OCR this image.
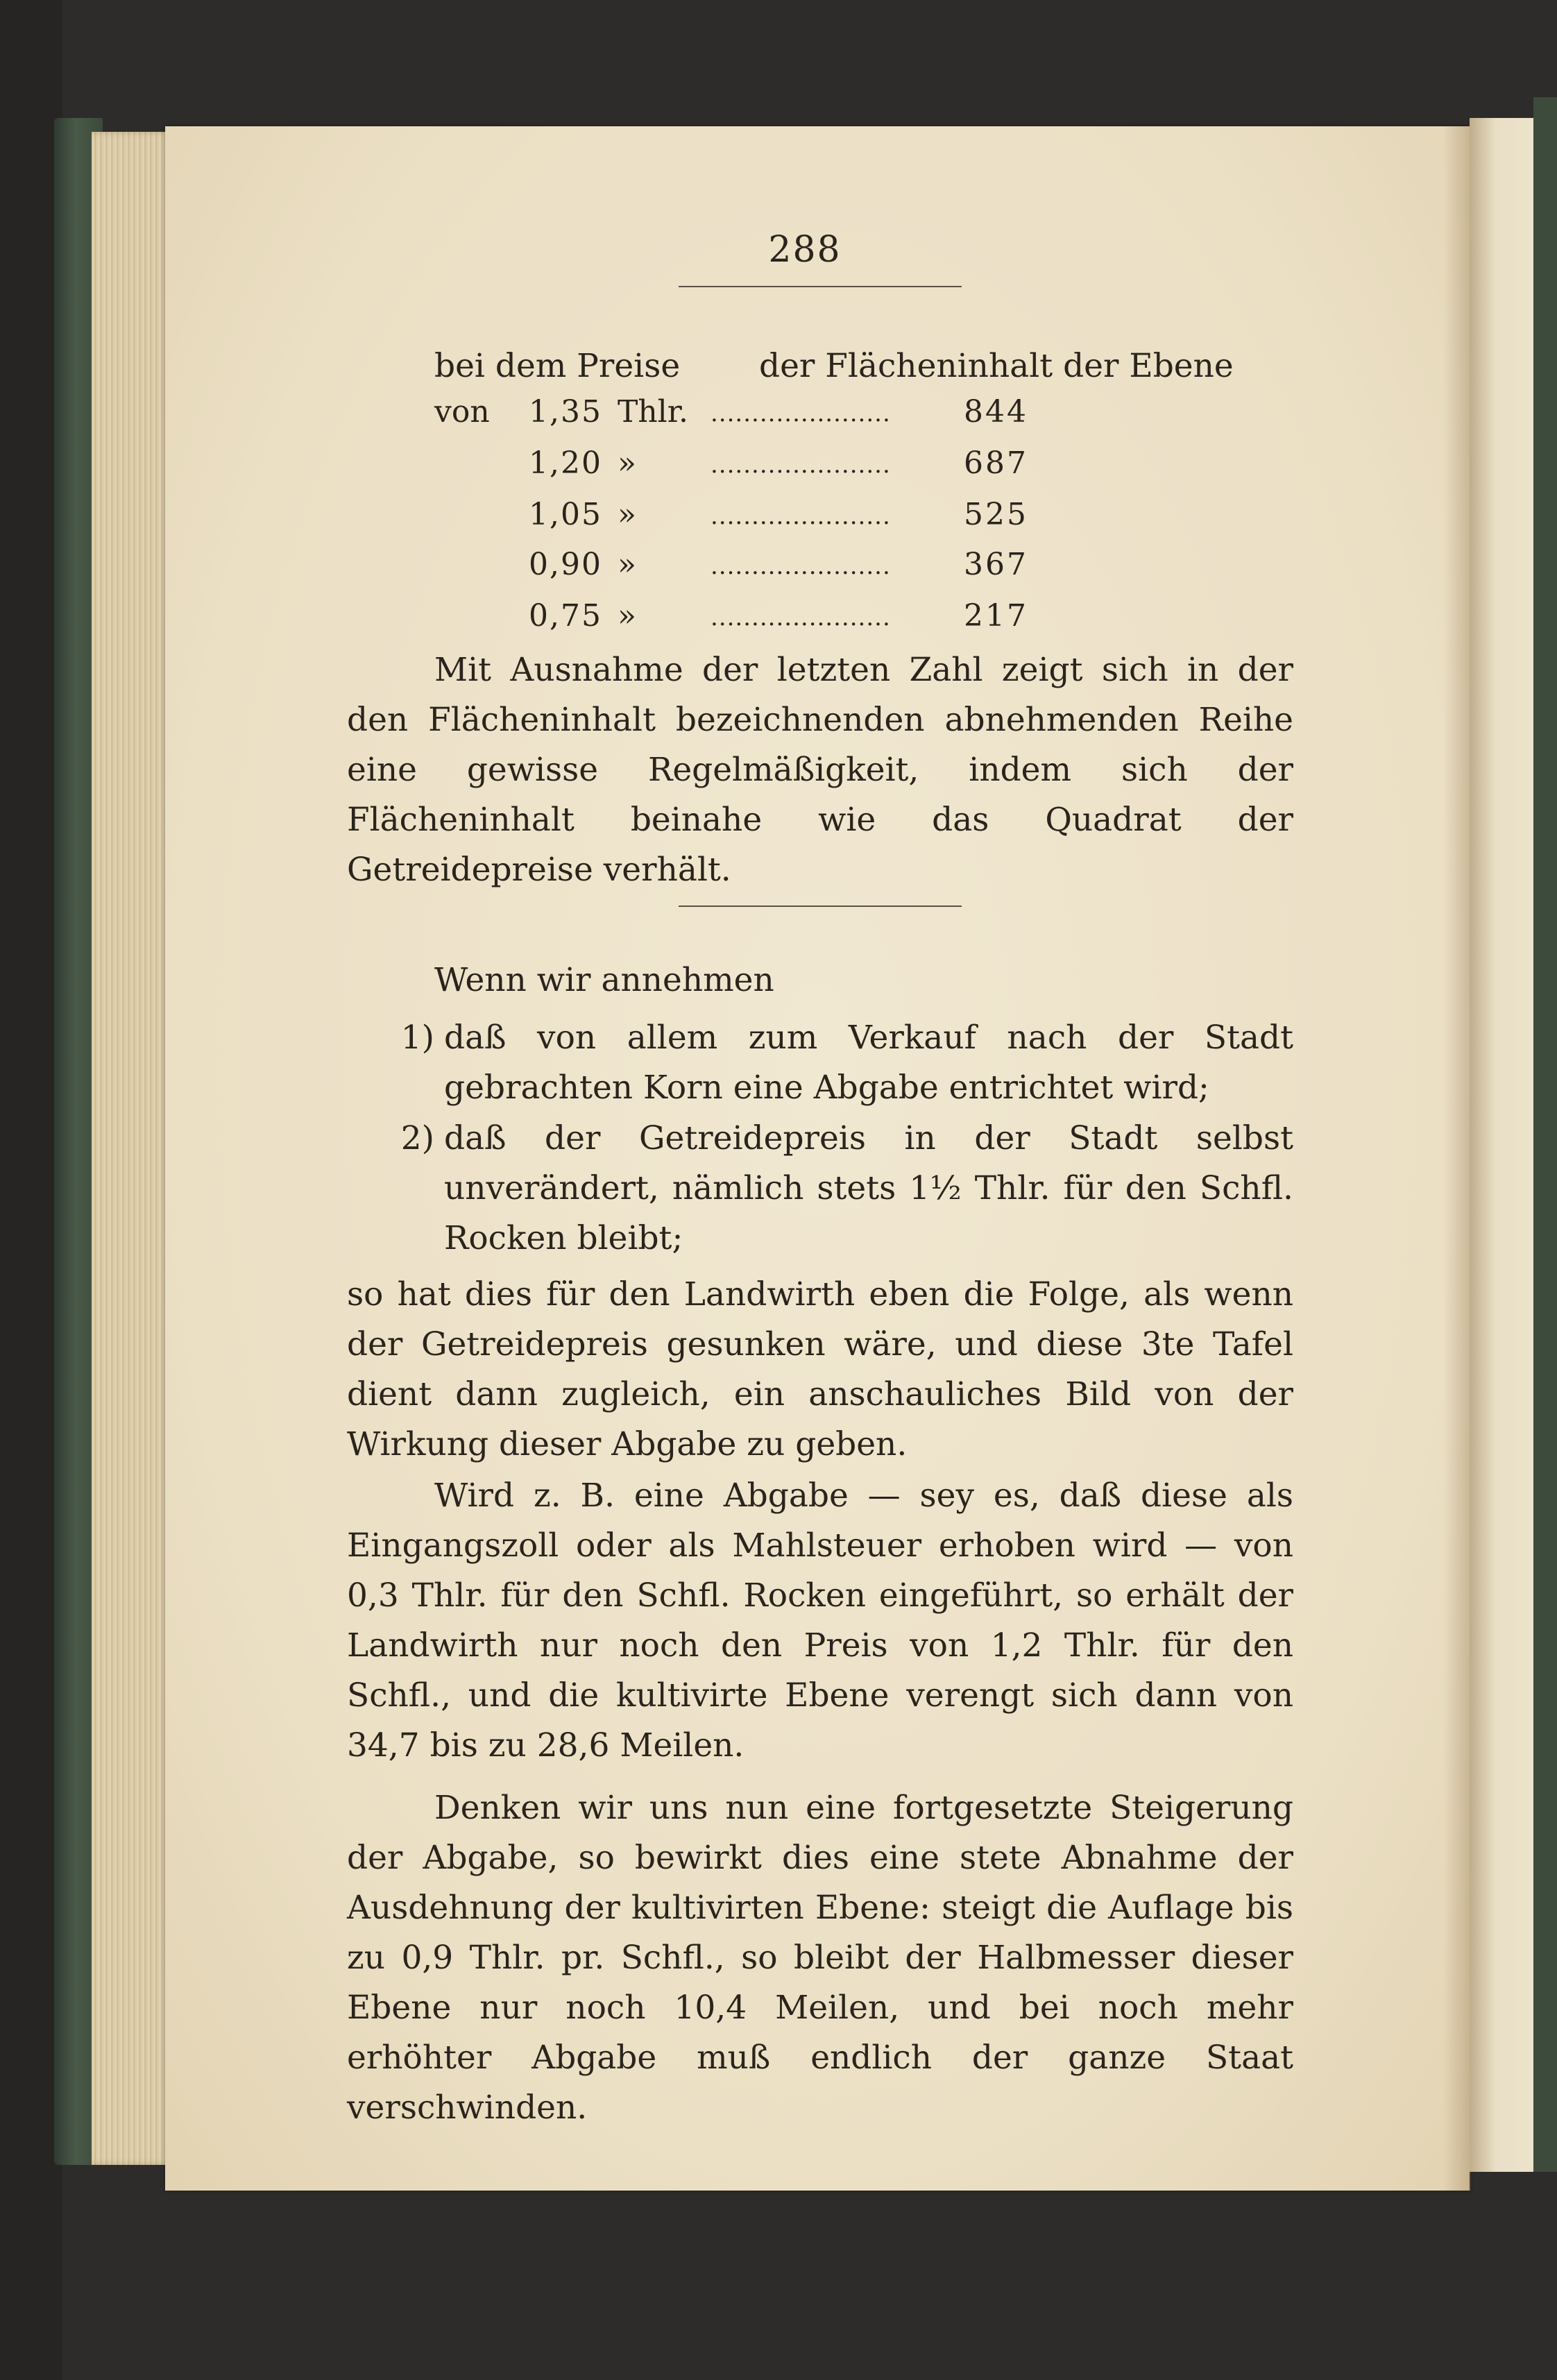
288
bei dem Preise der Flächeninhalt der Ebene
von	1,35 Thlr. ......................	844
1,20 »	......................	687
1,05 »	......................	525
0,90 »	......................	367
0,75 »	......................	217
Mit Ausnahme der letzten Zahl zeigt sich in der den Flächeninhalt bezeichnenden abnehmenden Reihe eine gewisse Regelmäßigkeit, indem sich der Flächeninhalt beinahe wie das Quadrat der Getreidepreise verhält.
Wenn wir annehmen
1) daß von allem zum Verkauf nach der Stadt gebrachten Korn eine Abgabe entrichtet wird;
2) daß der Getreidepreis in der Stadt selbst unverändert, nämlich stets 1½ Thlr. für den Schfl. Rocken bleibt;
so hat dies für den Landwirth eben die Folge, als wenn der Getreidepreis gesunken wäre, und diese 3te Tafel dient dann zugleich, ein anschauliches Bild von der Wirkung dieser Abgabe zu geben.
Wird z. B. eine Abgabe — sey es, daß diese als Eingangszoll oder als Mahlsteuer erhoben wird — von 0,3 Thlr. für den Schfl. Rocken eingeführt, so erhält der Landwirth nur noch den Preis von 1,2 Thlr. für den Schfl., und die kultivirte Ebene verengt sich dann von 34,7 bis zu 28,6 Meilen.
Denken wir uns nun eine fortgesetzte Steigerung der Abgabe, so bewirkt dies eine stete Abnahme der Ausdehnung der kultivirten Ebene: steigt die Auflage bis zu 0,9 Thlr. pr. Schfl., so bleibt der Halbmesser dieser Ebene nur noch 10,4 Meilen, und bei noch mehr erhöhter Abgabe muß endlich der ganze Staat verschwinden.
